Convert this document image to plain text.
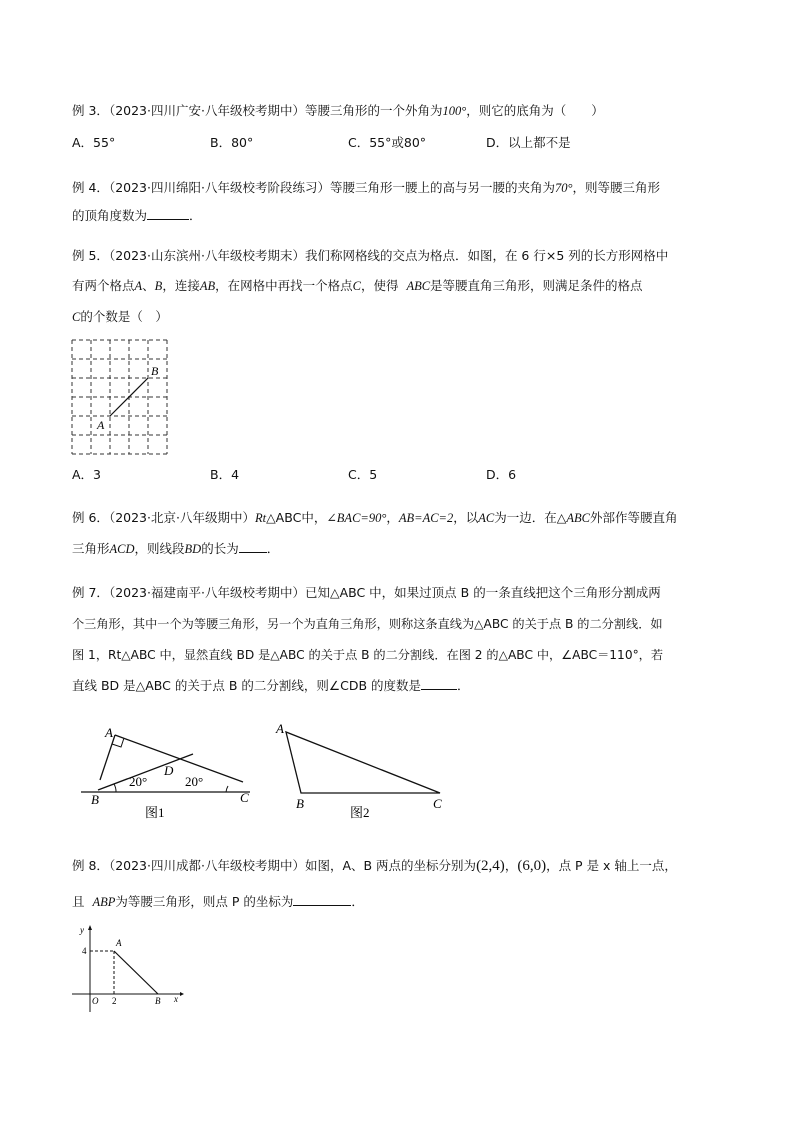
例 3．（2023·四川广安·八年级校考期中）等腰三角形的一个外角为100°，则它的底角为（　　）
A．55°	B．80°	C．55°或80°	D．以上都不是
例 4．（2023·四川绵阳·八年级校考阶段练习）等腰三角形一腰上的高与另一腰的夹角为70°，则等腰三角形
的顶角度数为	．
例 5．（2023·山东滨州·八年级校考期末）我们称网格线的交点为格点．如图，在 6 行×5 列的长方形网格中
有两个格点A、B，连接AB，在网格中再找一个格点C，使得 ABC是等腰直角三角形，则满足条件的格点
C的个数是（　）
A
B
A．3	B．4	C．5	D．6
例 6．（2023·北京·八年级期中）Rt△ABC中，∠BAC=90°，AB=AC=2，以AC为一边．在△ABC外部作等腰直角
三角形ACD，则线段BD的长为 ．
例 7．（2023·福建南平·八年级校考期中）已知△ABC 中，如果过顶点 B 的一条直线把这个三角形分割成两
个三角形，其中一个为等腰三角形，另一个为直角三角形，则称这条直线为△ABC 的关于点 B 的二分割线．如
图 1，Rt△ABC 中，显然直线 BD 是△ABC 的关于点 B 的二分割线．在图 2 的△ABC 中，∠ABC＝110°，若
直线 BD 是△ABC 的关于点 B 的二分割线，则∠CDB 的度数是	．
A
B	C
D
20°	20°
图1
A
B	C
图2
例 8．（2023·四川成都·八年级校考期中）如图，A、B 两点的坐标分别为(2,4)，(6,0)，点 P 是 x 轴上一点，
且 ABP为等腰三角形，则点 P 的坐标为	．
y
x
O
A
B
4
2
